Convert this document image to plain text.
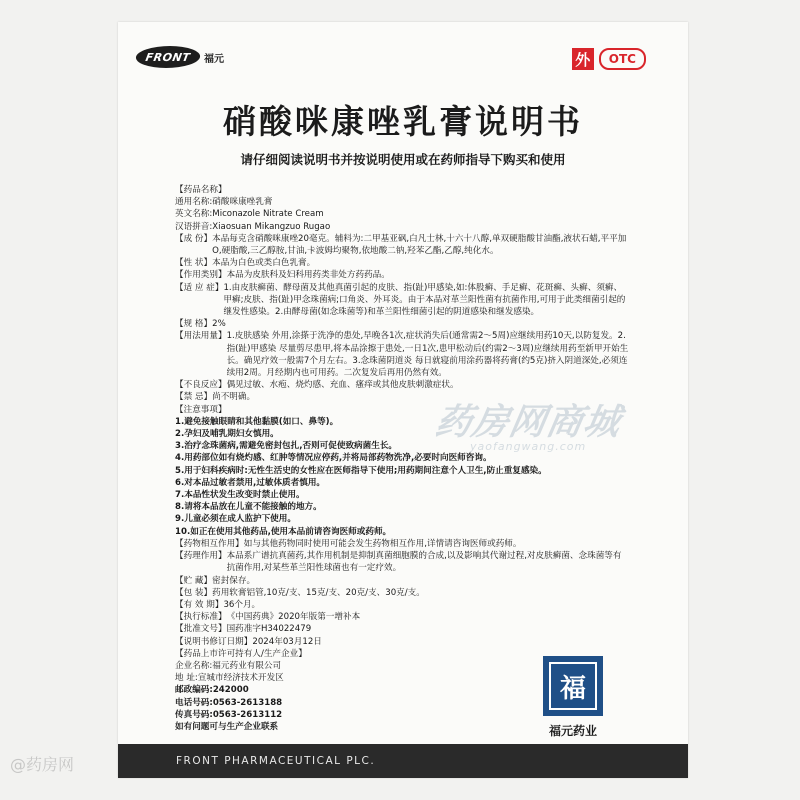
FRONT	福元	外	OTC
硝酸咪康唑乳膏说明书
请仔细阅读说明书并按说明使用或在药师指导下购买和使用
【药品名称】
通用名称: 硝酸咪康唑乳膏
英文名称: Miconazole Nitrate Cream
汉语拼音: Xiaosuan Mikangzuo Rugao
【成 份】 本品每克含硝酸咪康唑20毫克。辅料为:二甲基亚砜,白凡士林,十六十八醇,单双硬脂酸甘油酯,液状石蜡,平平加O,硬脂酸,三乙醇胺,甘油,卡波姆均聚物,依地酸二钠,羟苯乙酯,乙醇,纯化水。
【性 状】 本品为白色或类白色乳膏。
【作用类别】 本品为皮肤科及妇科用药类非处方药药品。
【适 应 症】 1.由皮肤癣菌、酵母菌及其他真菌引起的皮肤、指(趾)甲感染,如:体股癣、手足癣、花斑癣、头癣、须癣、甲癣;皮肤、指(趾)甲念珠菌病;口角炎、外耳炎。由于本品对革兰阳性菌有抗菌作用,可用于此类细菌引起的继发性感染。2.由酵母菌(如念珠菌等)和革兰阳性细菌引起的阴道感染和继发感染。
【规 格】 2%
【用法用量】 1.皮肤感染 外用,涂搽于洗净的患处,早晚各1次,症状消失后(通常需2～5周)应继续用药10天,以防复发。2.指(趾)甲感染 尽量剪尽患甲,将本品涂擦于患处,一日1次,患甲松动后(约需2～3周)应继续用药至新甲开始生长。确见疗效一般需7个月左右。3.念珠菌阴道炎 每日就寝前用涂药器将药膏(约5克)挤入阴道深处,必须连续用2周。月经期内也可用药。二次复发后再用仍然有效。
【不良反应】 偶见过敏、水疱、烧灼感、充血、瘙痒或其他皮肤刺激症状。
【禁 忌】 尚不明确。
【注意事项】
1.避免接触眼睛和其他黏膜(如口、鼻等)。
2.孕妇及哺乳期妇女慎用。
3.治疗念珠菌病,需避免密封包扎,否则可促使致病菌生长。
4.用药部位如有烧灼感、红肿等情况应停药,并将局部药物洗净,必要时向医师咨询。
5.用于妇科疾病时:无性生活史的女性应在医师指导下使用;用药期间注意个人卫生,防止重复感染。
6.对本品过敏者禁用,过敏体质者慎用。
7.本品性状发生改变时禁止使用。
8.请将本品放在儿童不能接触的地方。
9.儿童必须在成人监护下使用。
10.如正在使用其他药品,使用本品前请咨询医师或药师。
【药物相互作用】 如与其他药物同时使用可能会发生药物相互作用,详情请咨询医师或药师。
【药理作用】 本品系广谱抗真菌药,其作用机制是抑制真菌细胞膜的合成,以及影响其代谢过程,对皮肤癣菌、念珠菌等有抗菌作用,对某些革兰阳性球菌也有一定疗效。
【贮 藏】 密封保存。
【包 装】 药用软膏铝管,10克/支、15克/支、20克/支、30克/支。
【有 效 期】 36个月。
【执行标准】 《中国药典》2020年版第一增补本
【批准文号】 国药准字H34022479
【说明书修订日期】 2024年03月12日
【药品上市许可持有人/生产企业】
企业名称: 福元药业有限公司
地 址: 宣城市经济技术开发区
邮政编码: 242000
电话号码: 0563-2613188
传真号码: 0563-2613112
如有问题可与生产企业联系
药房网商城
yaofangwang.com
福
福元药业
FRONT PHARMACEUTICAL PLC.
@药房网
